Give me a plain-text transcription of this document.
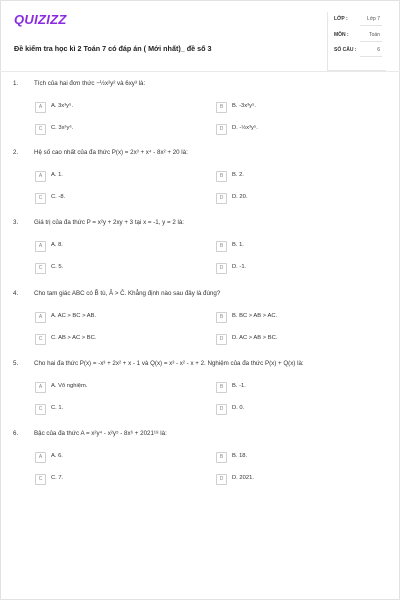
QUIZIZZ
Đề kiểm tra học kì 2 Toán 7 có đáp án ( Mới nhất)_ đề số 3
LỚP :	Lớp 7
MÔN :	Toán
SỐ CÂU :	6
1.	Tích của hai đơn thức −½x²y² và 6xy³ là:
A	A. 3x³y⁵.	B	B. -3x³y⁵.
C	C. 3x²y⁶.	D	D. -½x³y⁵.
2.	Hệ số cao nhất của đa thức P(x) = 2x³ + x⁴ - 8x² + 20 là:
A	A. 1.	B	B. 2.
C	C. -8.	D	D. 20.
3.	Giá trị của đa thức P = x²y + 2xy + 3 tại x = -1, y = 2 là:
A	A. 8.	B	B. 1.
C	C. 5.	D	D. -1.
4.	Cho tam giác ABC có B̂ tù, Â > Ĉ. Khẳng định nào sau đây là đúng?
A	A. AC > BC > AB.	B	B. BC > AB > AC.
C	C. AB > AC > BC.	D	D. AC > AB > BC.
5.	Cho hai đa thức P(x) = -x³ + 2x² + x - 1 và Q(x) = x³ - x² - x + 2. Nghiệm của đa thức P(x) + Q(x) là:
A	A. Vô nghiệm.	B	B. -1.
C	C. 1.	D	D. 0.
6.	Bậc của đa thức A = x²y⁴ - x²y⁵ - 8x⁶ + 2021¹⁸ là:
A	A. 6.	B	B. 18.
C	C. 7.	D	D. 2021.
